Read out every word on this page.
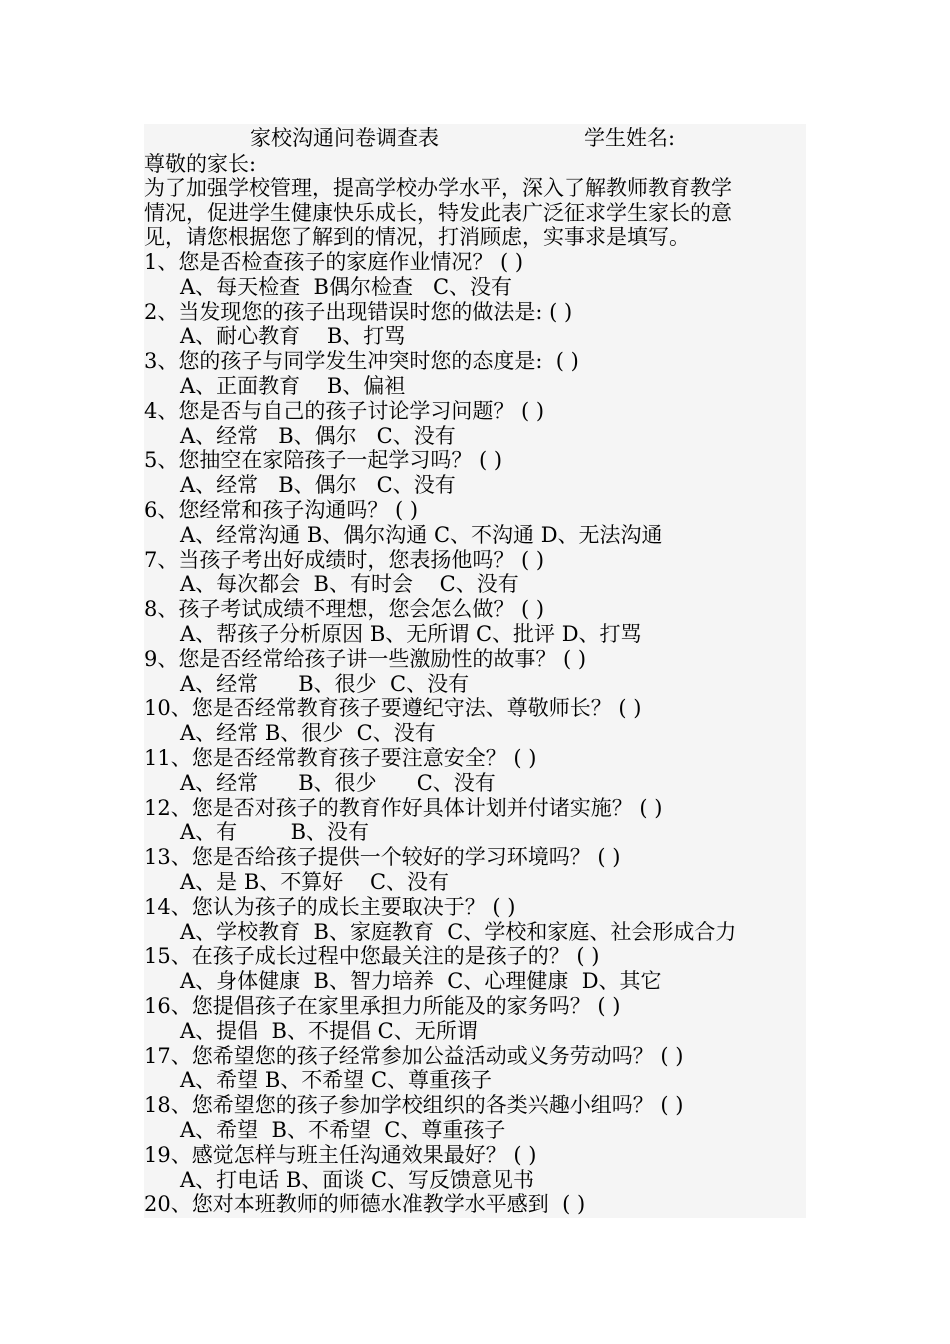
家校沟通问卷调查表	学生姓名:
尊敬的家长:
为了加强学校管理，提高学校办学水平，深入了解教师教育教学
情况，促进学生健康快乐成长，特发此表广泛征求学生家长的意
见，请您根据您了解到的情况，打消顾虑，实事求是填写。
1、您是否检查孩子的家庭作业情况？ ( )
A、每天检查  B偶尔检查   C、没有
2、当发现您的孩子出现错误时您的做法是: ( )
A、耐心教育    B、打骂
3、您的孩子与同学发生冲突时您的态度是:  ( )
A、正面教育    B、偏袒
4、您是否与自己的孩子讨论学习问题？ ( )
A、经常   B、偶尔   C、没有
5、您抽空在家陪孩子一起学习吗？ ( )
A、经常   B、偶尔   C、没有
6、您经常和孩子沟通吗？ ( )
A、经常沟通 B、偶尔沟通 C、不沟通 D、无法沟通
7、当孩子考出好成绩时，您表扬他吗？ ( )
A、每次都会  B、有时会    C、没有
8、孩子考试成绩不理想，您会怎么做？ ( )
A、帮孩子分析原因 B、无所谓 C、批评 D、打骂
9、您是否经常给孩子讲一些激励性的故事？ ( )
A、经常      B、很少  C、没有
10、您是否经常教育孩子要遵纪守法、尊敬师长？ ( )
A、经常 B、很少  C、没有
11、您是否经常教育孩子要注意安全？ ( )
A、经常      B、很少      C、没有
12、您是否对孩子的教育作好具体计划并付诸实施？ ( )
A、有        B、没有
13、您是否给孩子提供一个较好的学习环境吗？ ( )
A、是 B、不算好    C、没有
14、您认为孩子的成长主要取决于？ ( )
A、学校教育  B、家庭教育  C、学校和家庭、社会形成合力
15、在孩子成长过程中您最关注的是孩子的？ ( )
A、身体健康  B、智力培养  C、心理健康  D、其它
16、您提倡孩子在家里承担力所能及的家务吗？ ( )
A、提倡  B、不提倡 C、无所谓
17、您希望您的孩子经常参加公益活动或义务劳动吗？ ( )
A、希望 B、不希望 C、尊重孩子
18、您希望您的孩子参加学校组织的各类兴趣小组吗？ ( )
A、希望  B、不希望  C、尊重孩子
19、感觉怎样与班主任沟通效果最好？ ( )
A、打电话 B、面谈 C、写反馈意见书
20、您对本班教师的师德水准教学水平感到  ( )
